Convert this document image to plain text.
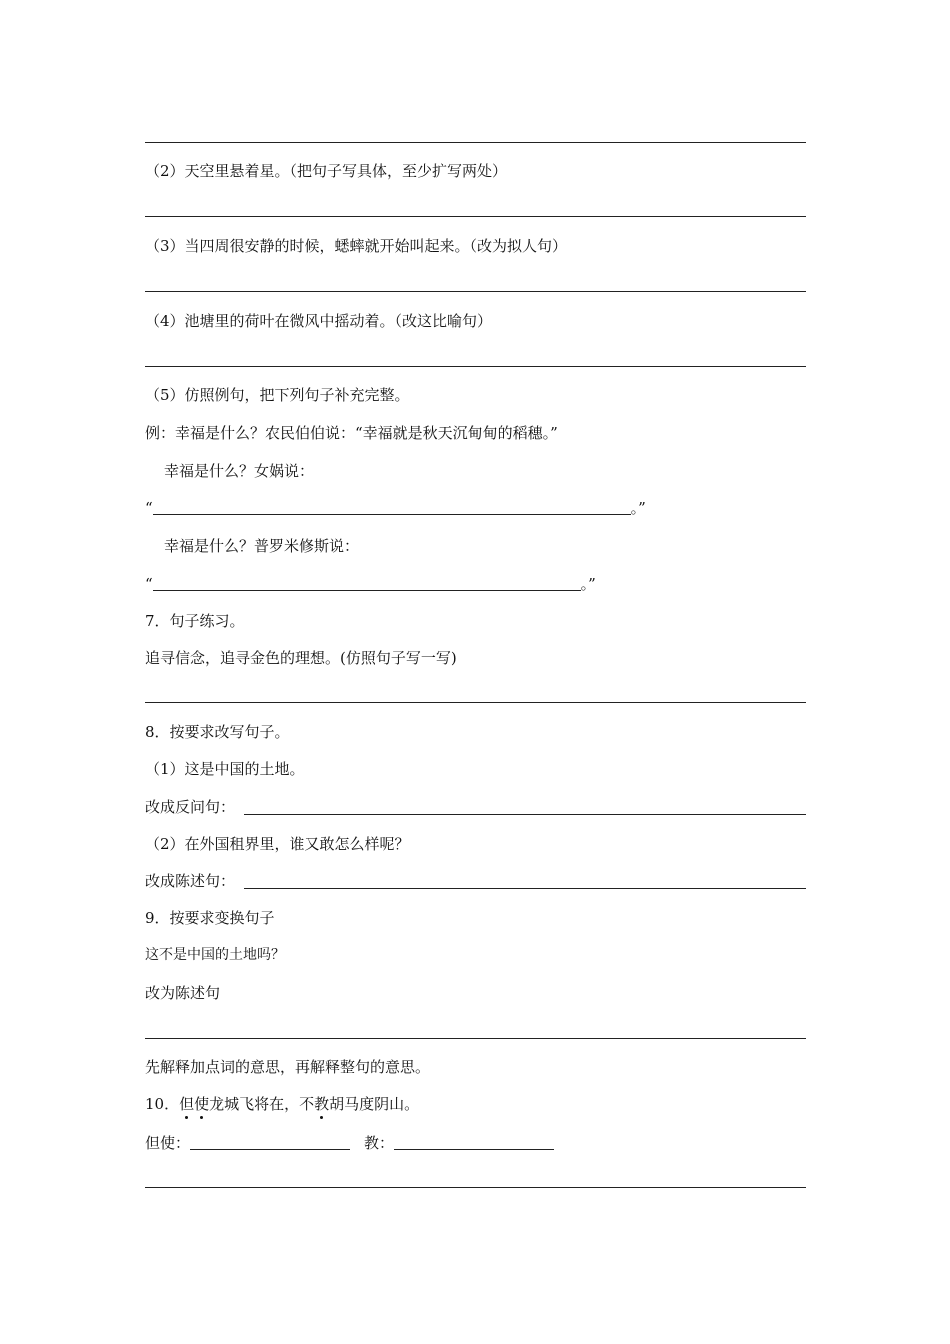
（2）天空里悬着星。（把句子写具体，至少扩写两处）
（3）当四周很安静的时候，蟋蟀就开始叫起来。（改为拟人句）
（4）池塘里的荷叶在微风中摇动着。（改这比喻句）
（5）仿照例句，把下列句子补充完整。
例：幸福是什么？农民伯伯说：“幸福就是秋天沉甸甸的稻穗。”
幸福是什么？女娲说：
“	。”
幸福是什么？普罗米修斯说：
“	。”
7．句子练习。
追寻信念，追寻金色的理想。(仿照句子写一写)
8．按要求改写句子。
（1）这是中国的土地。
改成反问句：
（2）在外国租界里，谁又敢怎么样呢？
改成陈述句：
9．按要求变换句子
这不是中国的土地吗？
改为陈述句
先解释加点词的意思，再解释整句的意思。
10．但使龙城飞将在，不教胡马度阴山。
但使：	教：
